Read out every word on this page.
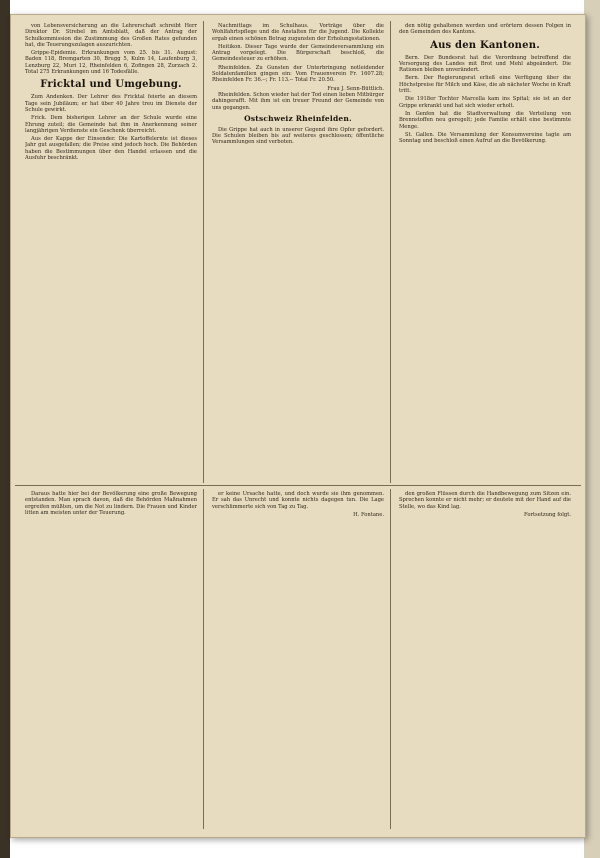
von Lebensversicherung an die Lehrerschaft schreibt Herr Direktor Dr. Strebel im Amtsblatt, daß der Antrag der Schulkommission die Zustimmung des Großen Rates gefunden hat, die Teuerungszulagen auszurichten.

Grippe-Epidemie. Erkrankungen vom 25. bis 31. August: Baden 118, Bremgarten 30, Brugg 5, Kulm 14, Laufenburg 3, Lenzburg 22, Muri 12, Rheinfelden 6, Zofingen 28, Zurzach 2. Total 275 Erkrankungen und 16 Todesfälle.

Fricktal und Umgebung.

Zum Andenken. Der Lehrer des Fricktal feierte an diesem Tage sein Jubiläum; er hat über 40 Jahre treu im Dienste der Schule gewirkt.

Frick. Dem bisherigen Lehrer an der Schule wurde eine Ehrung zuteil; die Gemeinde hat ihm in Anerkennung seiner langjährigen Verdienste ein Geschenk überreicht.

Aus der Kappe der Einsender. Die Kartoffelernte ist dieses Jahr gut ausgefallen; die Preise sind jedoch hoch. Die Behörden haben die Bestimmungen über den Handel erlassen und die Ausfuhr beschränkt.

Nachmittags im Schulhaus. Vorträge über die Wohlfahrtspflege und die Anstalten für die Jugend. Die Kollekte ergab einen schönen Betrag zugunsten der Erholungsstationen.

Heitikon. Dieser Tage wurde der Gemeindeversammlung ein Antrag vorgelegt. Die Bürgerschaft beschloß, die Gemeindesteuer zu erhöhen.

Rheinfelden. Zu Gunsten der Unterbringung notleidender Soldatenfamilien gingen ein: Vom Frauenverein Fr. 1607.28; Rheinfelden Fr. 36.--; Fr. 113.-- Total Fr. 20.50.

Frau J. Senn-Büttlich.

Rheinfelden. Schon wieder hat der Tod einen lieben Mitbürger dahingerafft. Mit ihm ist ein treuer Freund der Gemeinde von uns gegangen.

Ostschweiz Rheinfelden.

Die Grippe hat auch in unserer Gegend ihre Opfer gefordert. Die Schulen bleiben bis auf weiteres geschlossen; öffentliche Versammlungen sind verboten.

den nötig gehaltenen werden und erörtern dessen Folgen in den Gemeinden des Kantons.

Aus den Kantonen.

Bern. Der Bundesrat hat die Verordnung betreffend die Versorgung des Landes mit Brot und Mehl abgeändert. Die Rationen bleiben unverändert.

Bern. Der Regierungsrat erließ eine Verfügung über die Höchstpreise für Milch und Käse, die ab nächster Woche in Kraft tritt.

Die 1918er Tochter Marcella kam ins Spital; sie ist an der Grippe erkrankt und hat sich wieder erholt.

In Genfen hat die Stadtverwaltung die Verteilung von Brennstoffen neu geregelt; jede Familie erhält eine bestimmte Menge.

St. Gallen. Die Versammlung der Konsumvereine tagte am Sonntag und beschloß einen Aufruf an die Bevölkerung.

Daraus hatte hier bei der Bevölkerung eine große Bewegung entstanden. Man sprach davon, daß die Behörden Maßnahmen ergreifen müßten, um die Not zu lindern. Die Frauen und Kinder litten am meisten unter der Teuerung.

er keine Ursache hatte, und doch wurde sie ihm genommen. Er sah das Unrecht und konnte nichts dagegen tun. Die Lage verschlimmerte sich von Tag zu Tag.

H. Fontane.

den großen Flüssen durch die Handbewegung zum Sitzen ein. Sprechen konnte er nicht mehr; er deutete mit der Hand auf die Stelle, wo das Kind lag.

Fortsetzung folgt.
